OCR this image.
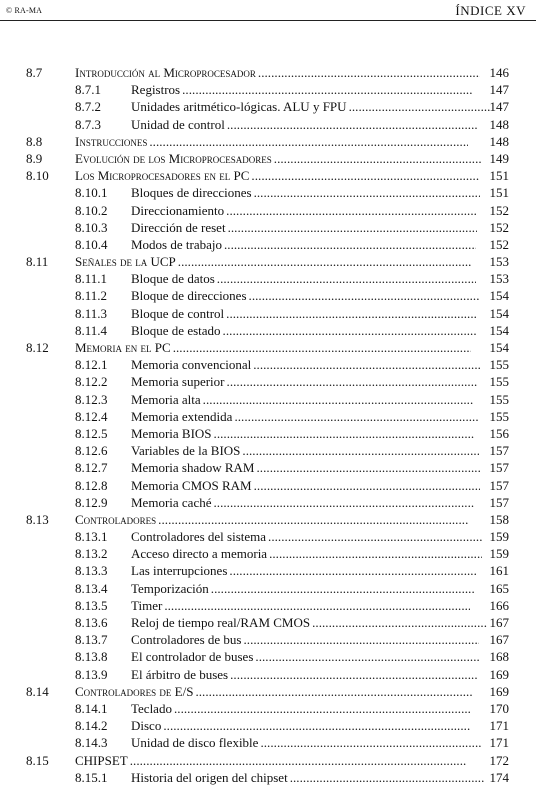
© RA-MA	ÍNDICE XV
8.7	Introducción al Microprocesador . . .	146
8.7.1 Registros . . .	147
8.7.2 Unidades aritmético-lógicas. ALU y FPU . . .	147
8.7.3 Unidad de control . . .	148
8.8	Instrucciones . . .	148
8.9	Evolución de los Microprocesadores . . .	149
8.10 Los Microprocesadores en el PC . . .	151
8.10.1 Bloques de direcciones . . .	151
8.10.2 Direccionamiento . . .	152
8.10.3 Dirección de reset . . .	152
8.10.4 Modos de trabajo . . .	152
8.11 Señales de la UCP . . .	153
8.11.1 Bloque de datos . . .	153
8.11.2 Bloque de direcciones . . .	154
8.11.3 Bloque de control . . .	154
8.11.4 Bloque de estado . . .	154
8.12 Memoria en el PC . . .	154
8.12.1 Memoria convencional . . .	155
8.12.2 Memoria superior . . .	155
8.12.3 Memoria alta . . .	155
8.12.4 Memoria extendida . . .	155
8.12.5 Memoria BIOS . . .	156
8.12.6 Variables de la BIOS . . .	157
8.12.7 Memoria shadow RAM . . .	157
8.12.8 Memoria CMOS RAM . . .	157
8.12.9 Memoria caché . . .	157
8.13 Controladores . . .	158
8.13.1 Controladores del sistema . . .	159
8.13.2 Acceso directo a memoria . . .	159
8.13.3 Las interrupciones . . .	161
8.13.4 Temporización . . .	165
8.13.5 Timer . . .	166
8.13.6 Reloj de tiempo real/RAM CMOS . . .	167
8.13.7 Controladores de bus . . .	167
8.13.8 El controlador de buses . . .	168
8.13.9 El árbitro de buses . . .	169
8.14 Controladores de E/S . . .	169
8.14.1 Teclado . . .	170
8.14.2 Disco . . .	171
8.14.3 Unidad de disco flexible . . .	171
8.15 CHIPSET . . .	172
8.15.1 Historia del origen del chipset . . .	174
